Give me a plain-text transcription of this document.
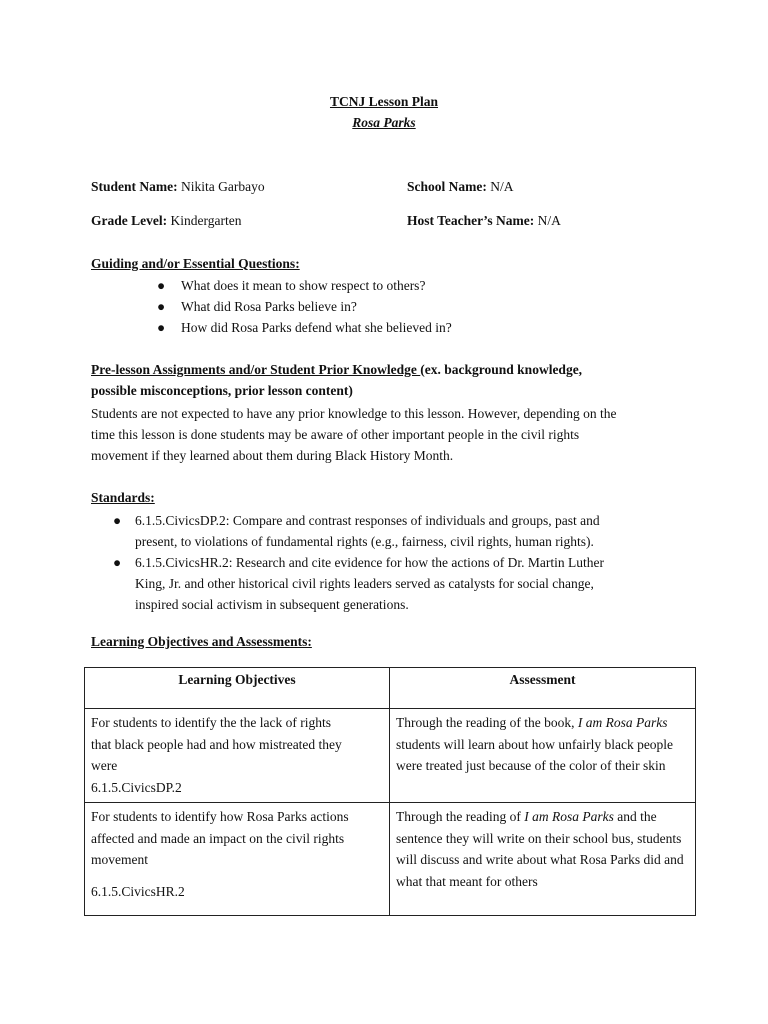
TCNJ Lesson Plan
Rosa Parks
Student Name: Nikita Garbayo	School Name: N/A
Grade Level: Kindergarten	Host Teacher’s Name: N/A
Guiding and/or Essential Questions:
● What does it mean to show respect to others?
● What did Rosa Parks believe in?
● How did Rosa Parks defend what she believed in?
Pre-lesson Assignments and/or Student Prior Knowledge (ex. background knowledge,
possible misconceptions, prior lesson content)
Students are not expected to have any prior knowledge to this lesson. However, depending on the
time this lesson is done students may be aware of other important people in the civil rights
movement if they learned about them during Black History Month.
Standards:
● 6.1.5.CivicsDP.2: Compare and contrast responses of individuals and groups, past and
present, to violations of fundamental rights (e.g., fairness, civil rights, human rights).
● 6.1.5.CivicsHR.2: Research and cite evidence for how the actions of Dr. Martin Luther
King, Jr. and other historical civil rights leaders served as catalysts for social change,
inspired social activism in subsequent generations.
Learning Objectives and Assessments:
Learning Objectives	Assessment

For students to identify the the lack of rights
that black people had and how mistreated they
were
6.1.5.CivicsDP.2	Through the reading of the book, I am Rosa Parks students will learn about how unfairly black people were treated just because of the color of their skin

For students to identify how Rosa Parks actions
affected and made an impact on the civil rights
movement
6.1.5.CivicsHR.2	Through the reading of I am Rosa Parks and the sentence they will write on their school bus, students will discuss and write about what Rosa Parks did and what that meant for others
